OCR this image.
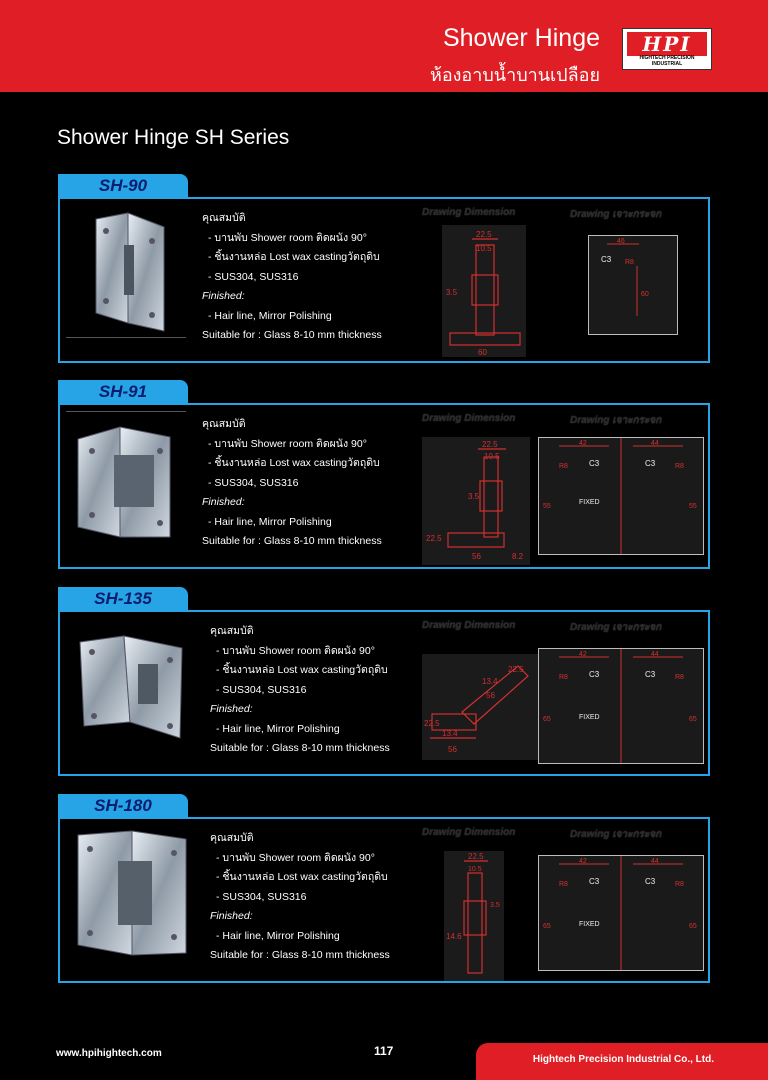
Shower Hinge
ห้องอาบน้ำบานเปลือย
HPI
HIGHTECH PRECISION INDUSTRIAL
Shower Hinge SH Series
SH-90
คุณสมบัติ
- บานพับ Shower room ติดผนัง 90°
- ชิ้นงานหล่อ Lost wax castingวัตถุดิบ
- SUS304, SUS316
Finished:
- Hair line, Mirror Polishing
Suitable for : Glass 8-10 mm thickness
Drawing Dimension	Drawing เจาะกระจก
22.5
10.5
3.5
60
46
C3 R8
60
SH-91
คุณสมบัติ
- บานพับ Shower room ติดผนัง 90°
- ชิ้นงานหล่อ Lost wax castingวัตถุดิบ
- SUS304, SUS316
Finished:
- Hair line, Mirror Polishing
Suitable for : Glass 8-10 mm thickness
Drawing Dimension	Drawing เจาะกระจก
22.5
10.5
3.5
22.5
56	8.2
42	44
C3	C3
FIXED
R8	R8
55	55
SH-135
คุณสมบัติ
- บานพับ Shower room ติดผนัง 90°
- ชิ้นงานหล่อ Lost wax castingวัตถุดิบ
- SUS304, SUS316
Finished:
- Hair line, Mirror Polishing
Suitable for : Glass 8-10 mm thickness
Drawing Dimension	Drawing เจาะกระจก
22.5
13.4
56
13.4
22.5
56
42	44
C3	C3
FIXED
R8	R8
65	65
SH-180
คุณสมบัติ
- บานพับ Shower room ติดผนัง 90°
- ชิ้นงานหล่อ Lost wax castingวัตถุดิบ
- SUS304, SUS316
Finished:
- Hair line, Mirror Polishing
Suitable for : Glass 8-10 mm thickness
Drawing Dimension	Drawing เจาะกระจก
22.5
10.5
3.5
14.6
42	44
C3	C3
FIXED
R8	R8
65	65
www.hpihightech.com	117
Hightech Precision Industrial Co., Ltd.
